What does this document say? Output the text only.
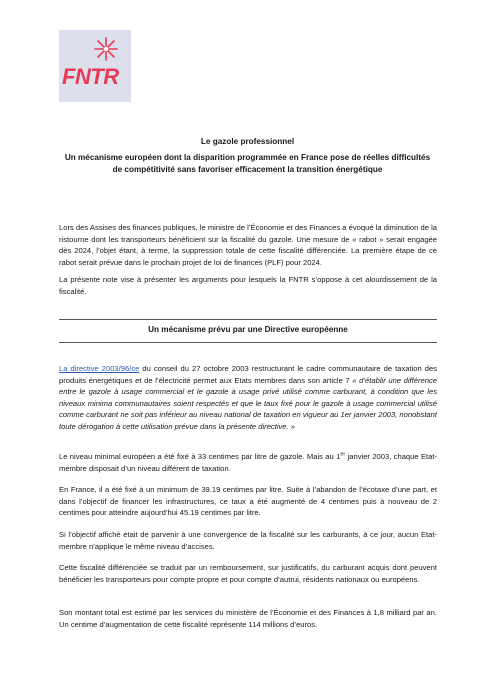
FNTR
Le gazole professionnel
Un mécanisme européen dont la disparition programmée en France pose de réelles difficultés de compétitivité sans favoriser efficacement la transition énergétique
Lors des Assises des finances publiques, le ministre de l’Économie et des Finances a évoqué la diminution de la ristourne dont les transporteurs bénéficient sur la fiscalité du gazole. Une mesure de « rabot » serait engagée dès 2024, l’objet étant, à terme, la suppression totale de cette fiscalité différenciée. La première étape de ce rabot serait prévue dans le prochain projet de loi de finances (PLF) pour 2024.
La présente note vise à présenter les arguments pour lesquels la FNTR s’oppose à cet alourdissement de la fiscalité.
Un mécanisme prévu par une Directive européenne
La directive 2003/96/ce du conseil du 27 octobre 2003 restructurant le cadre communautaire de taxation des produits énergétiques et de l’électricité permet aux Etats membres dans son article 7 « d’établir une différence entre le gazole à usage commercial et le gazole à usage privé utilisé comme carburant, à condition que les niveaux minima communautaires soient respectés et que le taux fixé pour le gazole à usage commercial utilisé comme carburant ne soit pas inférieur au niveau national de taxation en vigueur au 1er janvier 2003, nonobstant toute dérogation à cette utilisation prévue dans la présente directive. »
Le niveau minimal européen a été fixé à 33 centimes par litre de gazole. Mais au 1er janvier 2003, chaque Etat-membre disposait d’un niveau différent de taxation.
En France, il a été fixé à un minimum de 39.19 centimes par litre. Suite à l’abandon de l’écotaxe d’une part, et dans l’objectif de financer les infrastructures, ce taux a été augmenté de 4 centimes puis à nouveau de 2 centimes pour atteindre aujourd’hui 45.19 centimes par litre.
Si l’objectif affiché était de parvenir à une convergence de la fiscalité sur les carburants, à ce jour, aucun Etat-membre n’applique le même niveau d’accises.
Cette fiscalité différenciée se traduit par un remboursement, sur justificatifs, du carburant acquis dont peuvent bénéficier les transporteurs pour compte propre et pour compte d’autrui, résidents nationaux ou européens.
Son montant total est estimé par les services du ministère de l’Économie et des Finances à 1,8 milliard par an. Un centime d’augmentation de cette fiscalité représente 114 millions d’euros.
